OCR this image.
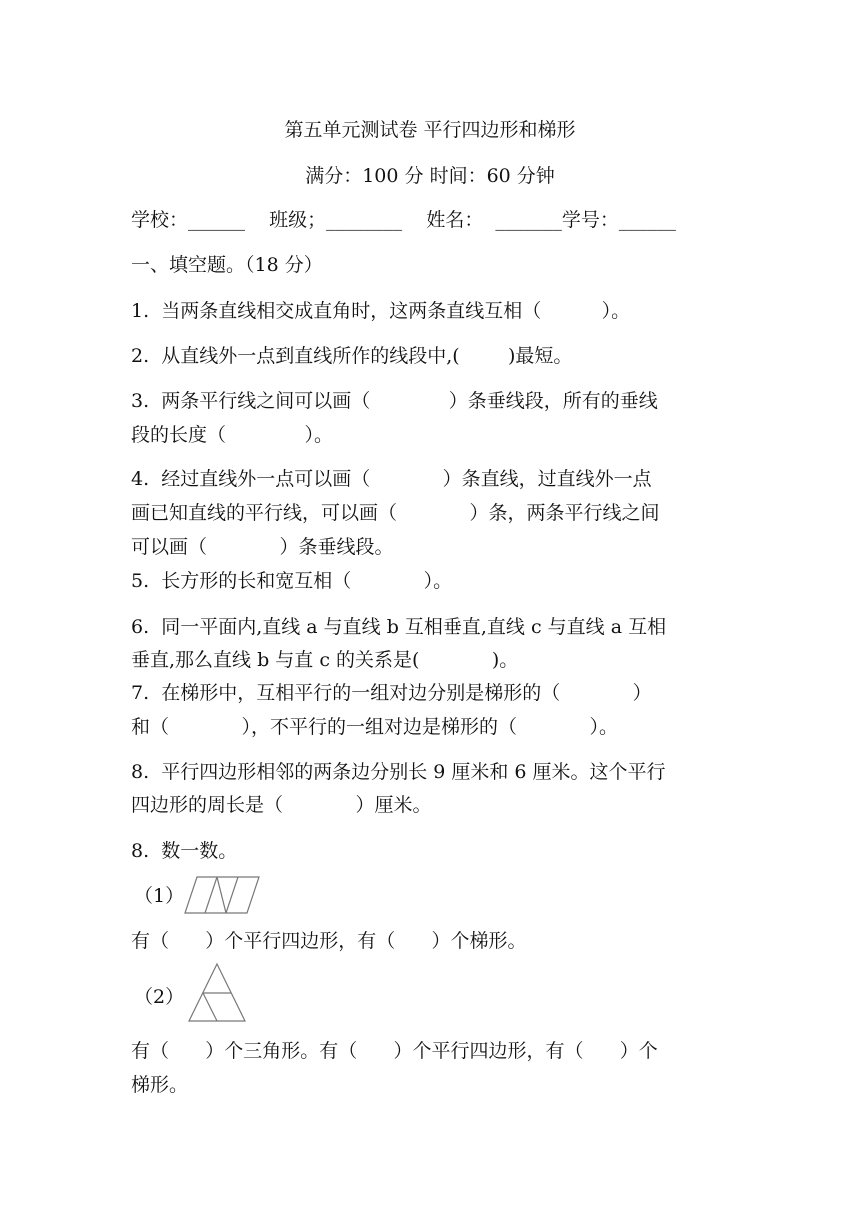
第五单元测试卷 平行四边形和梯形
满分：100 分 时间：60 分钟
学校：______    班级；________    姓名：  _______学号：______
一、填空题。（18 分）
1.  当两条直线相交成直角时，这两条直线互相（          ）。
2.  从直线外一点到直线所作的线段中,(        )最短。
3.  两条平行线之间可以画（             ）条垂线段，所有的垂线
段的长度（             ）。
4.  经过直线外一点可以画（            ）条直线，过直线外一点
画已知直线的平行线，可以画（            ）条，两条平行线之间
可以画（            ）条垂线段。
5.  长方形的长和宽互相（            ）。
6.  同一平面内,直线 a 与直线 b 互相垂直,直线 c 与直线 a 互相
垂直,那么直线 b 与直 c 的关系是(            )。
7.  在梯形中，互相平行的一组对边分别是梯形的（            ）
和（            ），不平行的一组对边是梯形的（            ）。
8.  平行四边形相邻的两条边分别长 9 厘米和 6 厘米。这个平行
四边形的周长是（            ）厘米。
8.  数一数。
（1）
有（      ）个平行四边形，有（      ）个梯形。
（2）
有（      ）个三角形。有（      ）个平行四边形，有（      ）个
梯形。
